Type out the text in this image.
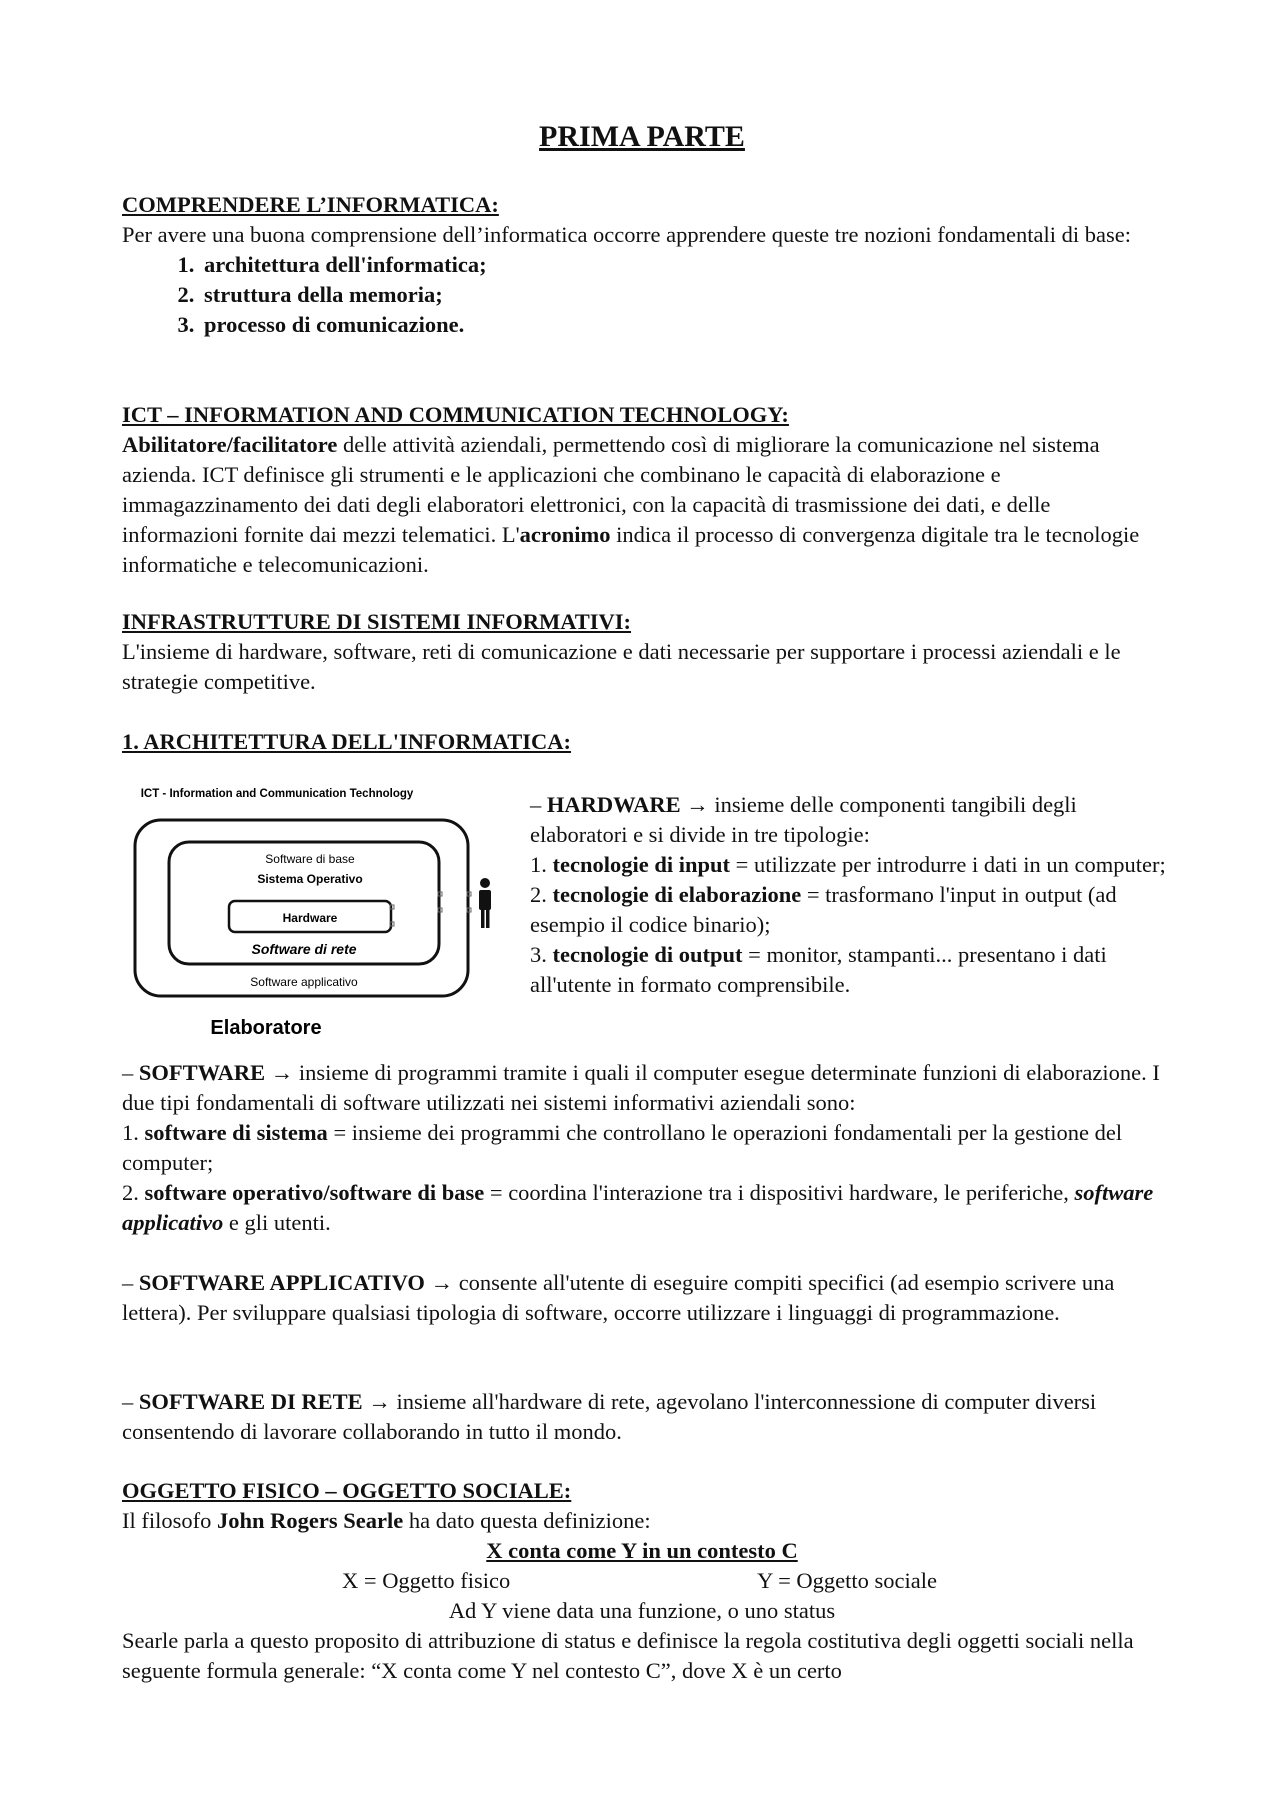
PRIMA PARTE

COMPRENDERE L’INFORMATICA:

Per avere una buona comprensione dell’informatica occorre apprendere queste tre nozioni fondamentali di base:

1. architettura dell'informatica;
2. struttura della memoria;
3. processo di comunicazione.

ICT – INFORMATION AND COMMUNICATION TECHNOLOGY:

Abilitatore/facilitatore delle attività aziendali, permettendo così di migliorare la comunicazione nel sistema azienda. ICT definisce gli strumenti e le applicazioni che combinano le capacità di elaborazione e immagazzinamento dei dati degli elaboratori elettronici, con la capacità di trasmissione dei dati, e delle informazioni fornite dai mezzi telematici. L'acronimo indica il processo di convergenza digitale tra le tecnologie informatiche e telecomunicazioni.

INFRASTRUTTURE DI SISTEMI INFORMATIVI:

L'insieme di hardware, software, reti di comunicazione e dati necessarie per supportare i processi aziendali e le strategie competitive.

1. ARCHITETTURA DELL'INFORMATICA:

ICT - Information and Communication Technology
Software di base
Sistema Operativo
Hardware
Software di rete
Software applicativo
Elaboratore

– HARDWARE → insieme delle componenti tangibili degli elaboratori e si divide in tre tipologie:

1. tecnologie di input = utilizzate per introdurre i dati in un computer;

2. tecnologie di elaborazione = trasformano l'input in output (ad esempio il codice binario);

3. tecnologie di output = monitor, stampanti... presentano i dati all'utente in formato comprensibile.

– SOFTWARE → insieme di programmi tramite i quali il computer esegue determinate funzioni di elaborazione. I due tipi fondamentali di software utilizzati nei sistemi informativi aziendali sono:

1. software di sistema = insieme dei programmi che controllano le operazioni fondamentali per la gestione del computer;

2. software operativo/software di base = coordina l'interazione tra i dispositivi hardware, le periferiche, software applicativo e gli utenti.

– SOFTWARE APPLICATIVO → consente all'utente di eseguire compiti specifici (ad esempio scrivere una lettera). Per sviluppare qualsiasi tipologia di software, occorre utilizzare i linguaggi di programmazione.

– SOFTWARE DI RETE → insieme all'hardware di rete, agevolano l'interconnessione di computer diversi consentendo di lavorare collaborando in tutto il mondo.

OGGETTO FISICO – OGGETTO SOCIALE:

Il filosofo John Rogers Searle ha dato questa definizione:

X conta come Y in un contesto C

X = Oggetto fisico	Y = Oggetto sociale

Ad Y viene data una funzione, o uno status

Searle parla a questo proposito di attribuzione di status e definisce la regola costitutiva degli oggetti sociali nella seguente formula generale: “X conta come Y nel contesto C”, dove X è un certo
